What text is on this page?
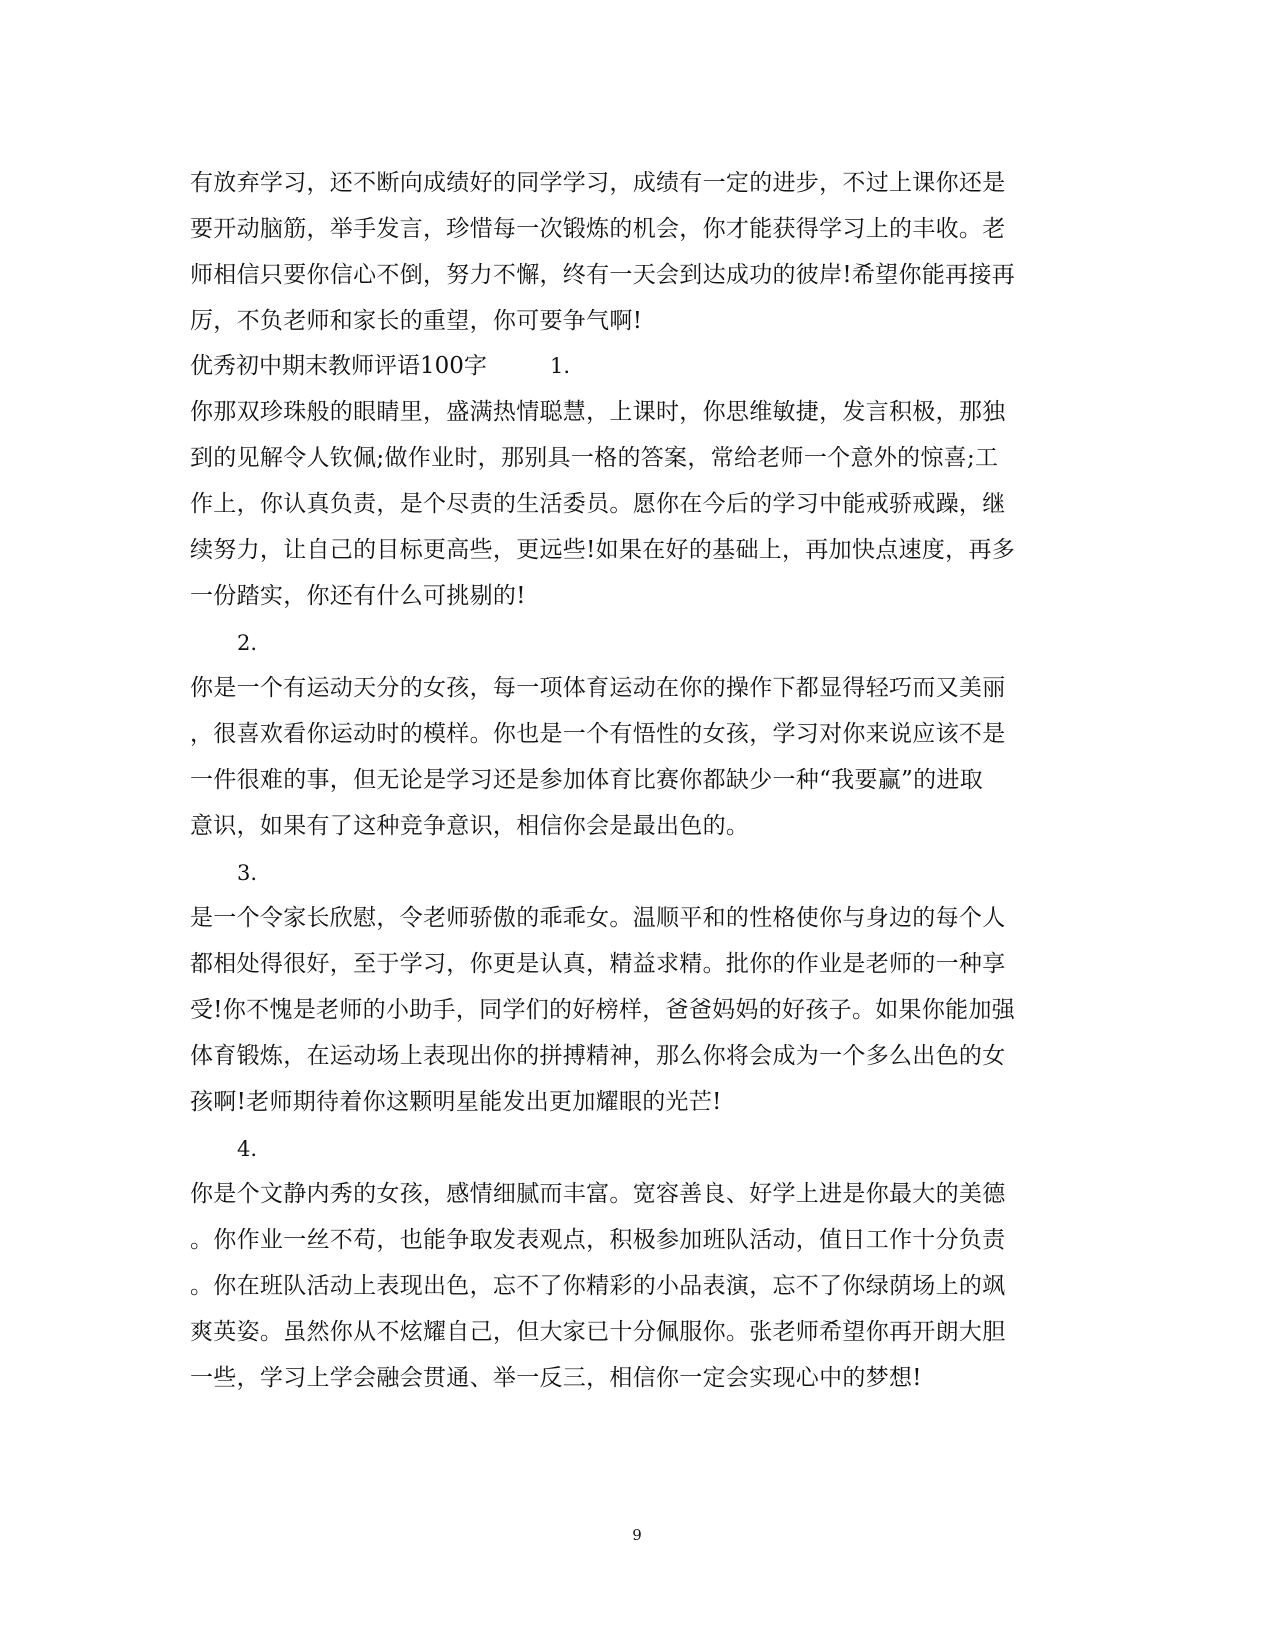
有放弃学习，还不断向成绩好的同学学习，成绩有一定的进步，不过上课你还是
要开动脑筋，举手发言，珍惜每一次锻炼的机会，你才能获得学习上的丰收。老
师相信只要你信心不倒，努力不懈，终有一天会到达成功的彼岸!希望你能再接再
厉，不负老师和家长的重望，你可要争气啊!
优秀初中期末教师评语100字	1.
你那双珍珠般的眼睛里，盛满热情聪慧，上课时，你思维敏捷，发言积极，那独
到的见解令人钦佩;做作业时，那别具一格的答案，常给老师一个意外的惊喜;工
作上，你认真负责，是个尽责的生活委员。愿你在今后的学习中能戒骄戒躁，继
续努力，让自己的目标更高些，更远些!如果在好的基础上，再加快点速度，再多
一份踏实，你还有什么可挑剔的!
2.
你是一个有运动天分的女孩，每一项体育运动在你的操作下都显得轻巧而又美丽
，很喜欢看你运动时的模样。你也是一个有悟性的女孩，学习对你来说应该不是
一件很难的事，但无论是学习还是参加体育比赛你都缺少一种“我要赢”的进取
意识，如果有了这种竞争意识，相信你会是最出色的。
3.
是一个令家长欣慰，令老师骄傲的乖乖女。温顺平和的性格使你与身边的每个人
都相处得很好，至于学习，你更是认真，精益求精。批你的作业是老师的一种享
受!你不愧是老师的小助手，同学们的好榜样，爸爸妈妈的好孩子。如果你能加强
体育锻炼，在运动场上表现出你的拼搏精神，那么你将会成为一个多么出色的女
孩啊!老师期待着你这颗明星能发出更加耀眼的光芒!
4.
你是个文静内秀的女孩，感情细腻而丰富。宽容善良、好学上进是你最大的美德
。你作业一丝不苟，也能争取发表观点，积极参加班队活动，值日工作十分负责
。你在班队活动上表现出色，忘不了你精彩的小品表演，忘不了你绿荫场上的飒
爽英姿。虽然你从不炫耀自己，但大家已十分佩服你。张老师希望你再开朗大胆
一些，学习上学会融会贯通、举一反三，相信你一定会实现心中的梦想!
9
